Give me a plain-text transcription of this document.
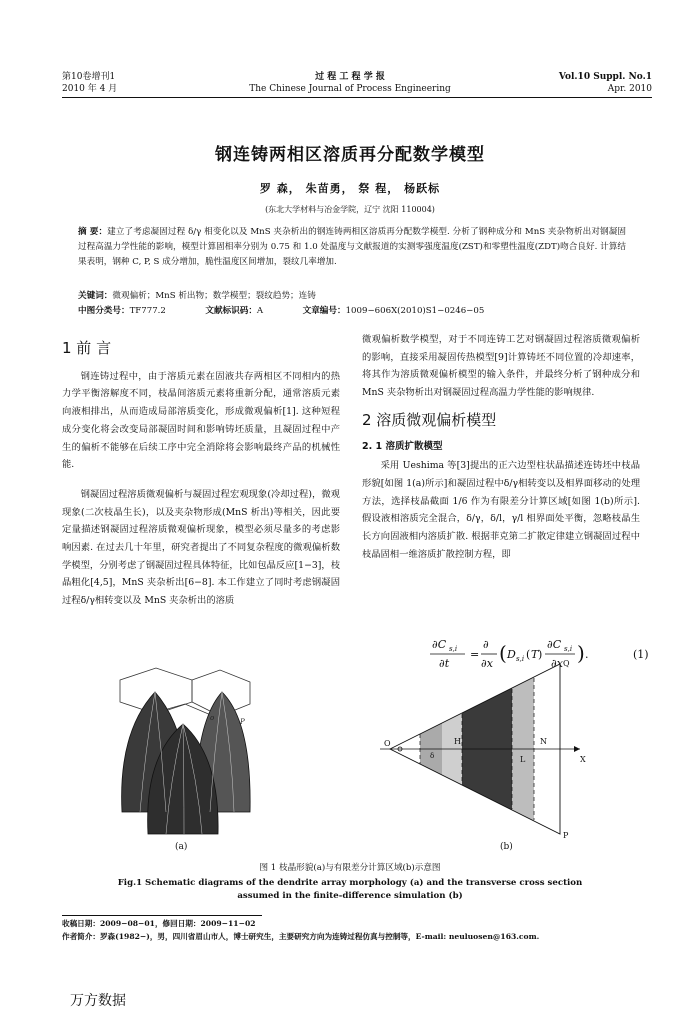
第10卷增刊1
2010 年 4 月
过 程 工 程 学 报
The Chinese Journal of Process Engineering
Vol.10 Suppl. No.1
Apr. 2010
钢连铸两相区溶质再分配数学模型
罗 森， 朱苗勇， 祭 程， 杨跃标
(东北大学材料与冶金学院，辽宁 沈阳 110004)
摘 要：建立了考虑凝固过程 δ/γ 相变化以及 MnS 夹杂析出的钢连铸两相区溶质再分配数学模型. 分析了钢种成分和 MnS 夹杂物析出对钢凝固过程高温力学性能的影响，模型计算固相率分别为 0.75 和 1.0 处温度与文献报道的实测零强度温度(ZST)和零塑性温度(ZDT)吻合良好. 计算结果表明，钢种 C, P, S 成分增加，脆性温度区间增加，裂纹几率增加.
关键词：微观偏析；MnS 析出物；数学模型；裂纹趋势；连铸
中图分类号：TF777.2	文献标识码：A	文章编号：1009−606X(2010)S1−0246−05
1 前 言

钢连铸过程中，由于溶质元素在固液共存两相区不同相内的热力学平衡溶解度不同，枝晶间溶质元素将重新分配，通常溶质元素向液相排出，从而造成局部溶质变化，形成微观偏析[1]. 这种短程成分变化将会改变局部凝固时间和影响铸坯质量，且凝固过程中产生的偏析不能够在后续工序中完全消除将会影响最终产品的机械性能.

钢凝固过程溶质微观偏析与凝固过程宏观现象(冷却过程)，微观现象(二次枝晶生长)，以及夹杂物形成(MnS 析出)等相关，因此要定量描述钢凝固过程溶质微观偏析现象，模型必须尽量多的考虑影响因素. 在过去几十年里，研究者提出了不同复杂程度的微观偏析数学模型，分别考虑了钢凝固过程具体特征，比如包晶反应[1−3]，枝晶粗化[4,5]，MnS 夹杂析出[6−8]. 本工作建立了同时考虑钢凝固过程δ/γ相转变以及 MnS 夹杂析出的溶质

微观偏析数学模型，对于不同连铸工艺对钢凝固过程溶质微观偏析的影响，直接采用凝固传热模型[9]计算铸坯不同位置的冷却速率，将其作为溶质微观偏析模型的输入条件，并最终分析了钢种成分和 MnS 夹杂物析出对钢凝固过程高温力学性能的影响规律.
2 溶质微观偏析模型
2. 1 溶质扩散模型

采用 Ueshima 等[3]提出的正六边型柱状晶描述连铸坯中枝晶形貌[如图 1(a)所示]和凝固过程中δ/γ相转变以及相界面移动的处理方法，选择枝晶截面 1/6 作为有限差分计算区域[如图 1(b)所示]. 假设液相溶质完全混合，δ/γ，δ/l，γ/l 相界面处平衡，忽略枝晶生长方向固液相内溶质扩散. 根据菲克第二扩散定律建立钢凝固过程中枝晶固相一维溶质扩散控制方程，即

∂C s,i
∂t
=
∂
∂x ( D s,i ( T )
∂C s,i
∂x ) .	(1)
o	P
Q
O	H	N
L	X
P
δ
(a)	(b)
图 1 枝晶形貌(a)与有限差分计算区域(b)示意图
Fig.1 Schematic diagrams of the dendrite array morphology (a) and the transverse cross section
assumed in the finite-difference simulation (b)
收稿日期：2009−08−01，修回日期：2009−11−02
作者简介：罗森(1982−)，男，四川省眉山市人，博士研究生，主要研究方向为连铸过程仿真与控制等，E-mail: neuluosen@163.com.
万方数据
